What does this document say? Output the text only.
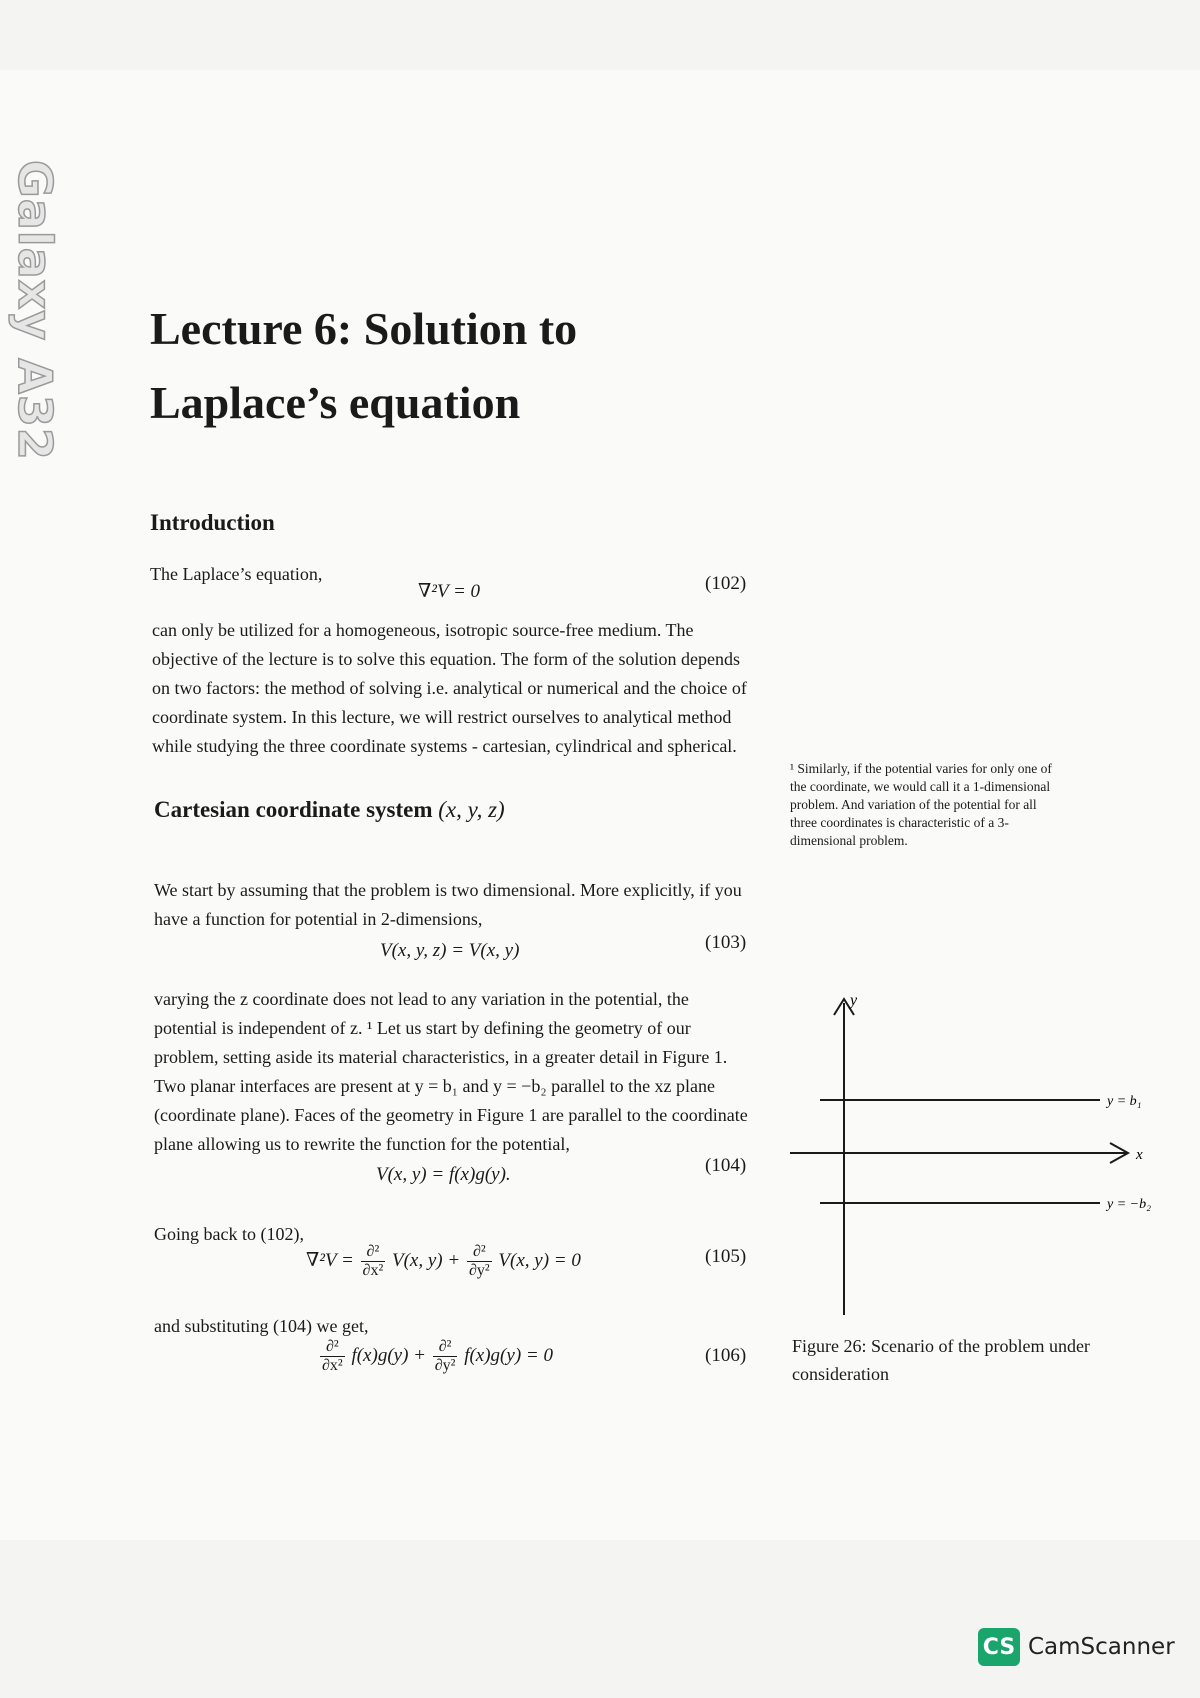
Galaxy A32 Lecture 6: Solution to
Laplace’s equation
Introduction

The Laplace’s equation,

∇²V = 0	(102)

can only be utilized for a homogeneous, isotropic source-free medium. The objective of the lecture is to solve this equation. The form of the solution depends on two factors: the method of solving i.e. analytical or numerical and the choice of coordinate system. In this lecture, we will restrict ourselves to analytical method while studying the three coordinate systems - cartesian, cylindrical and spherical.

Cartesian coordinate system (x, y, z)

We start by assuming that the problem is two dimensional. More explicitly, if you have a function for potential in 2-dimensions,

V(x, y, z) = V(x, y)	(103)

varying the z coordinate does not lead to any variation in the potential, the potential is independent of z. ¹ Let us start by defining the geometry of our problem, setting aside its material characteristics, in a greater detail in Figure 1. Two planar interfaces are present at y = b₁ and y = −b₂ parallel to the xz plane (coordinate plane). Faces of the geometry in Figure 1 are parallel to the coordinate plane allowing us to rewrite the function for the potential,

V(x, y) = f(x)g(y).	(104)

Going back to (102),

$\nabla^2V = \frac{\text{∂²}}{\text{∂x²}} V(x$, $y) + \frac{\text{∂²}}{\text{∂y²}} V(x$, y) = 0	(105)

and substituting (104) we get,

$\frac{\text{∂²}}{\text{∂x²}} f(x)g(y) + \frac{\text{∂²}}{\text{∂y²}} f(x)g(y) = 0$	(106)

¹ Similarly, if the potential varies for only one of the coordinate, we would call it a 1-dimensional problem. And variation of the potential for all three coordinates is characteristic of a 3-dimensional problem.

y
y = b₁
x
y = −b₂

Figure 26: Scenario of the problem under consideration

CS CamScanner
